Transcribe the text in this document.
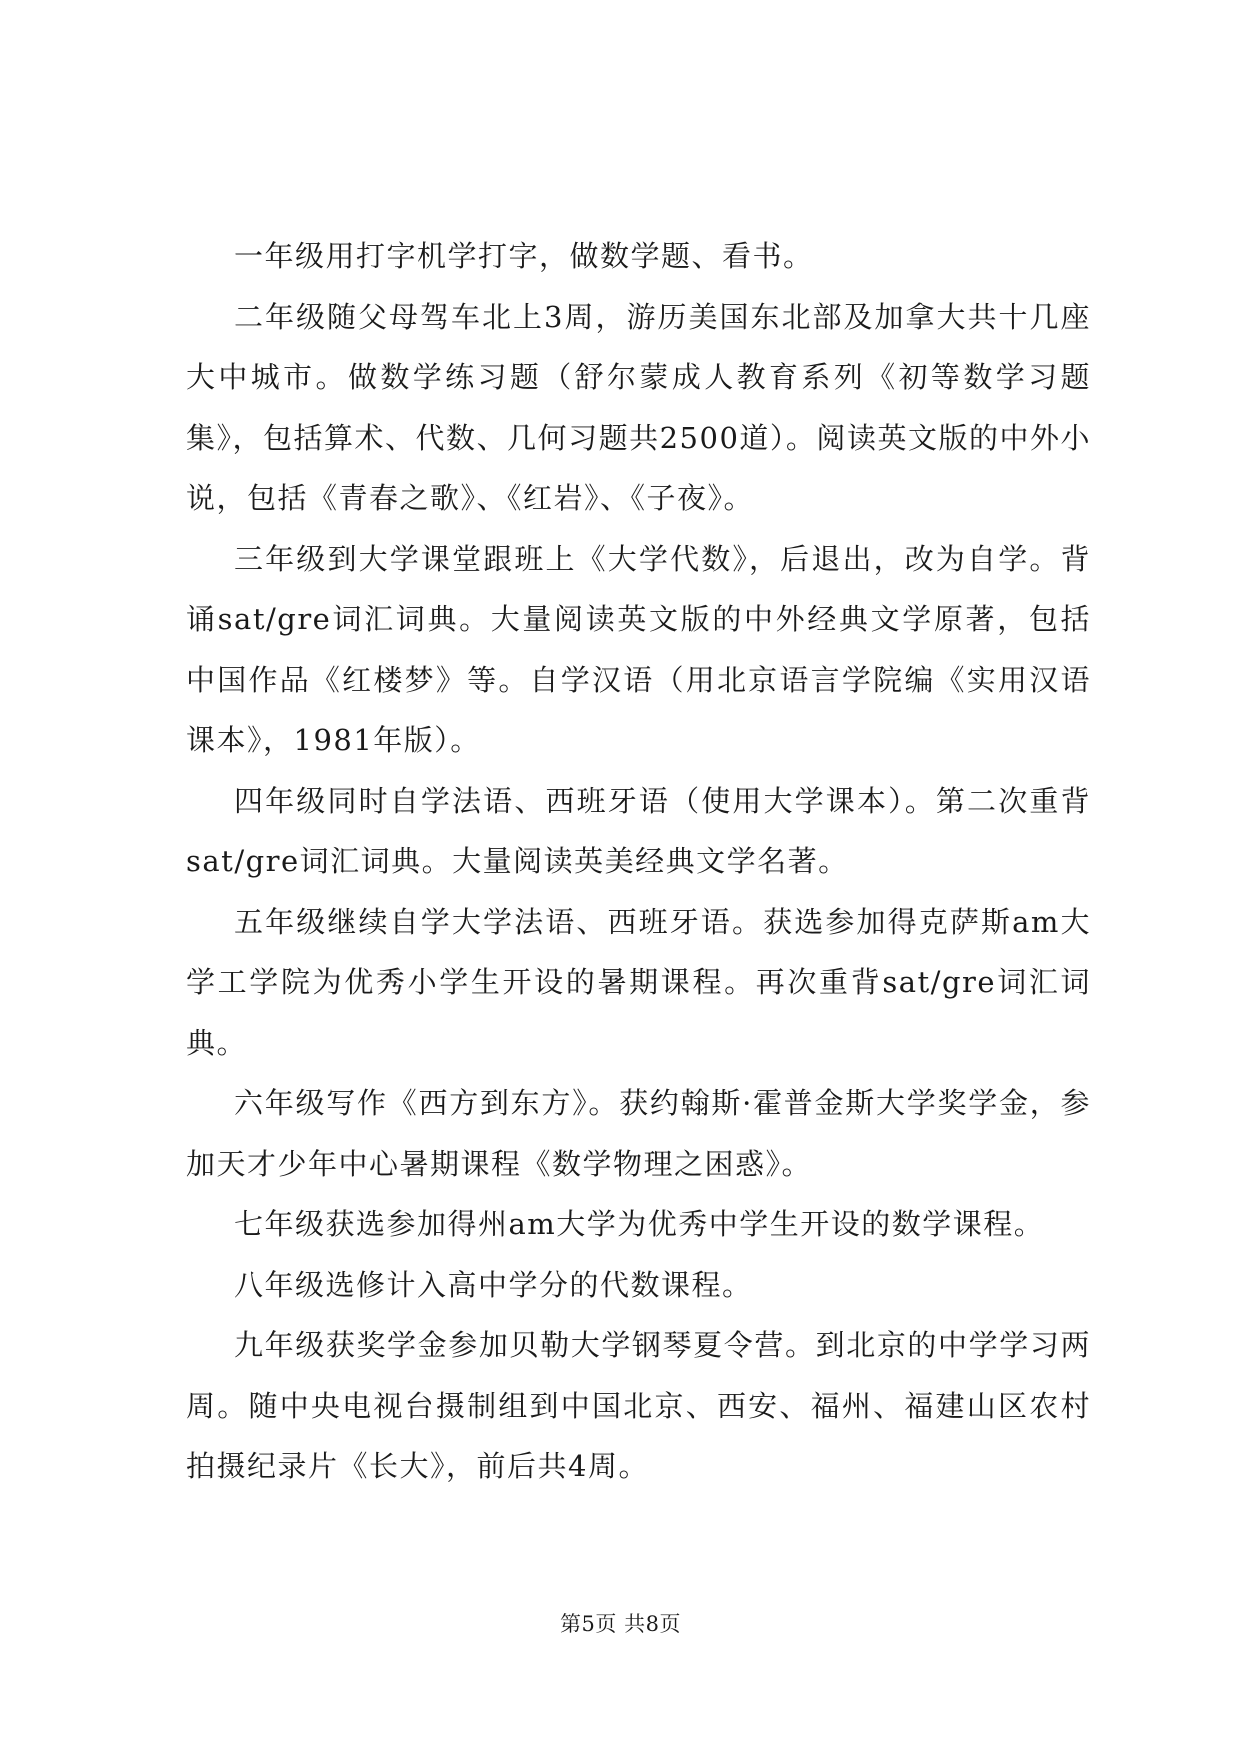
一年级用打字机学打字，做数学题、看书。

二年级随父母驾车北上3周，游历美国东北部及加拿大共十几座大中城市。做数学练习题（舒尔蒙成人教育系列《初等数学习题集》，包括算术、代数、几何习题共2500道）。阅读英文版的中外小说，包括《青春之歌》、《红岩》、《子夜》。

三年级到大学课堂跟班上《大学代数》，后退出，改为自学。背诵sat/gre词汇词典。大量阅读英文版的中外经典文学原著，包括中国作品《红楼梦》等。自学汉语（用北京语言学院编《实用汉语课本》，1981年版）。

四年级同时自学法语、西班牙语（使用大学课本）。第二次重背sat/gre词汇词典。大量阅读英美经典文学名著。

五年级继续自学大学法语、西班牙语。获选参加得克萨斯am大学工学院为优秀小学生开设的暑期课程。再次重背sat/gre词汇词典。

六年级写作《西方到东方》。获约翰斯·霍普金斯大学奖学金，参加天才少年中心暑期课程《数学物理之困惑》。

七年级获选参加得州am大学为优秀中学生开设的数学课程。

八年级选修计入高中学分的代数课程。

九年级获奖学金参加贝勒大学钢琴夏令营。到北京的中学学习两周。随中央电视台摄制组到中国北京、西安、福州、福建山区农村拍摄纪录片《长大》，前后共4周。

第5页 共8页
